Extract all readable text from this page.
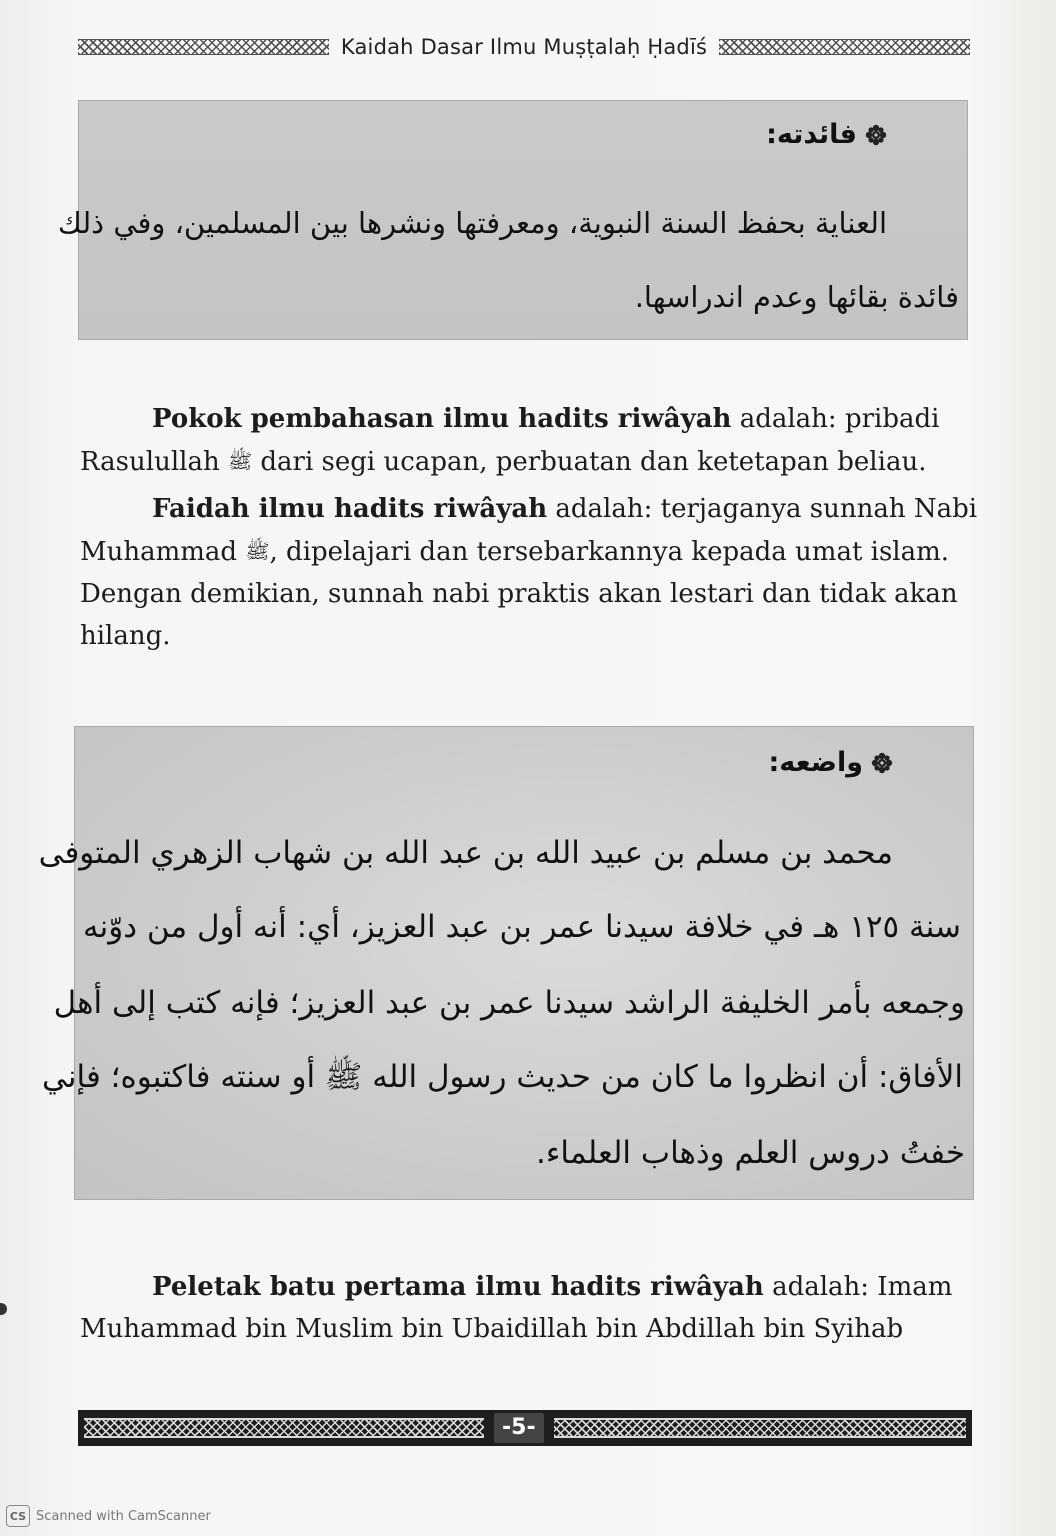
Kaidah Dasar Ilmu Muṣṭalaḥ Ḥadīś
فائدته:
العناية بحفظ السنة النبوية، ومعرفتها ونشرها بين المسلمين، وفي ذلك
فائدة بقائها وعدم اندراسها.
Pokok pembahasan ilmu hadits riwâyah adalah: pribadi
Rasulullah ﷺ dari segi ucapan, perbuatan dan ketetapan beliau.
Faidah ilmu hadits riwâyah adalah: terjaganya sunnah Nabi
Muhammad ﷺ, dipelajari dan tersebarkannya kepada umat islam.
Dengan demikian, sunnah nabi praktis akan lestari dan tidak akan
hilang.
واضعه:
محمد بن مسلم بن عبيد الله بن عبد الله بن شهاب الزهري المتوفى
سنة ١٢٥ هـ في خلافة سيدنا عمر بن عبد العزيز، أي: أنه أول من دوّنه
وجمعه بأمر الخليفة الراشد سيدنا عمر بن عبد العزيز؛ فإنه كتب إلى أهل
الأفاق: أن انظروا ما كان من حديث رسول الله ﷺ أو سنته فاكتبوه؛ فإني
خفتُ دروس العلم وذهاب العلماء.
Peletak batu pertama ilmu hadits riwâyah adalah: Imam
Muhammad bin Muslim bin Ubaidillah bin Abdillah bin Syihab
-5-
CS Scanned with CamScanner
